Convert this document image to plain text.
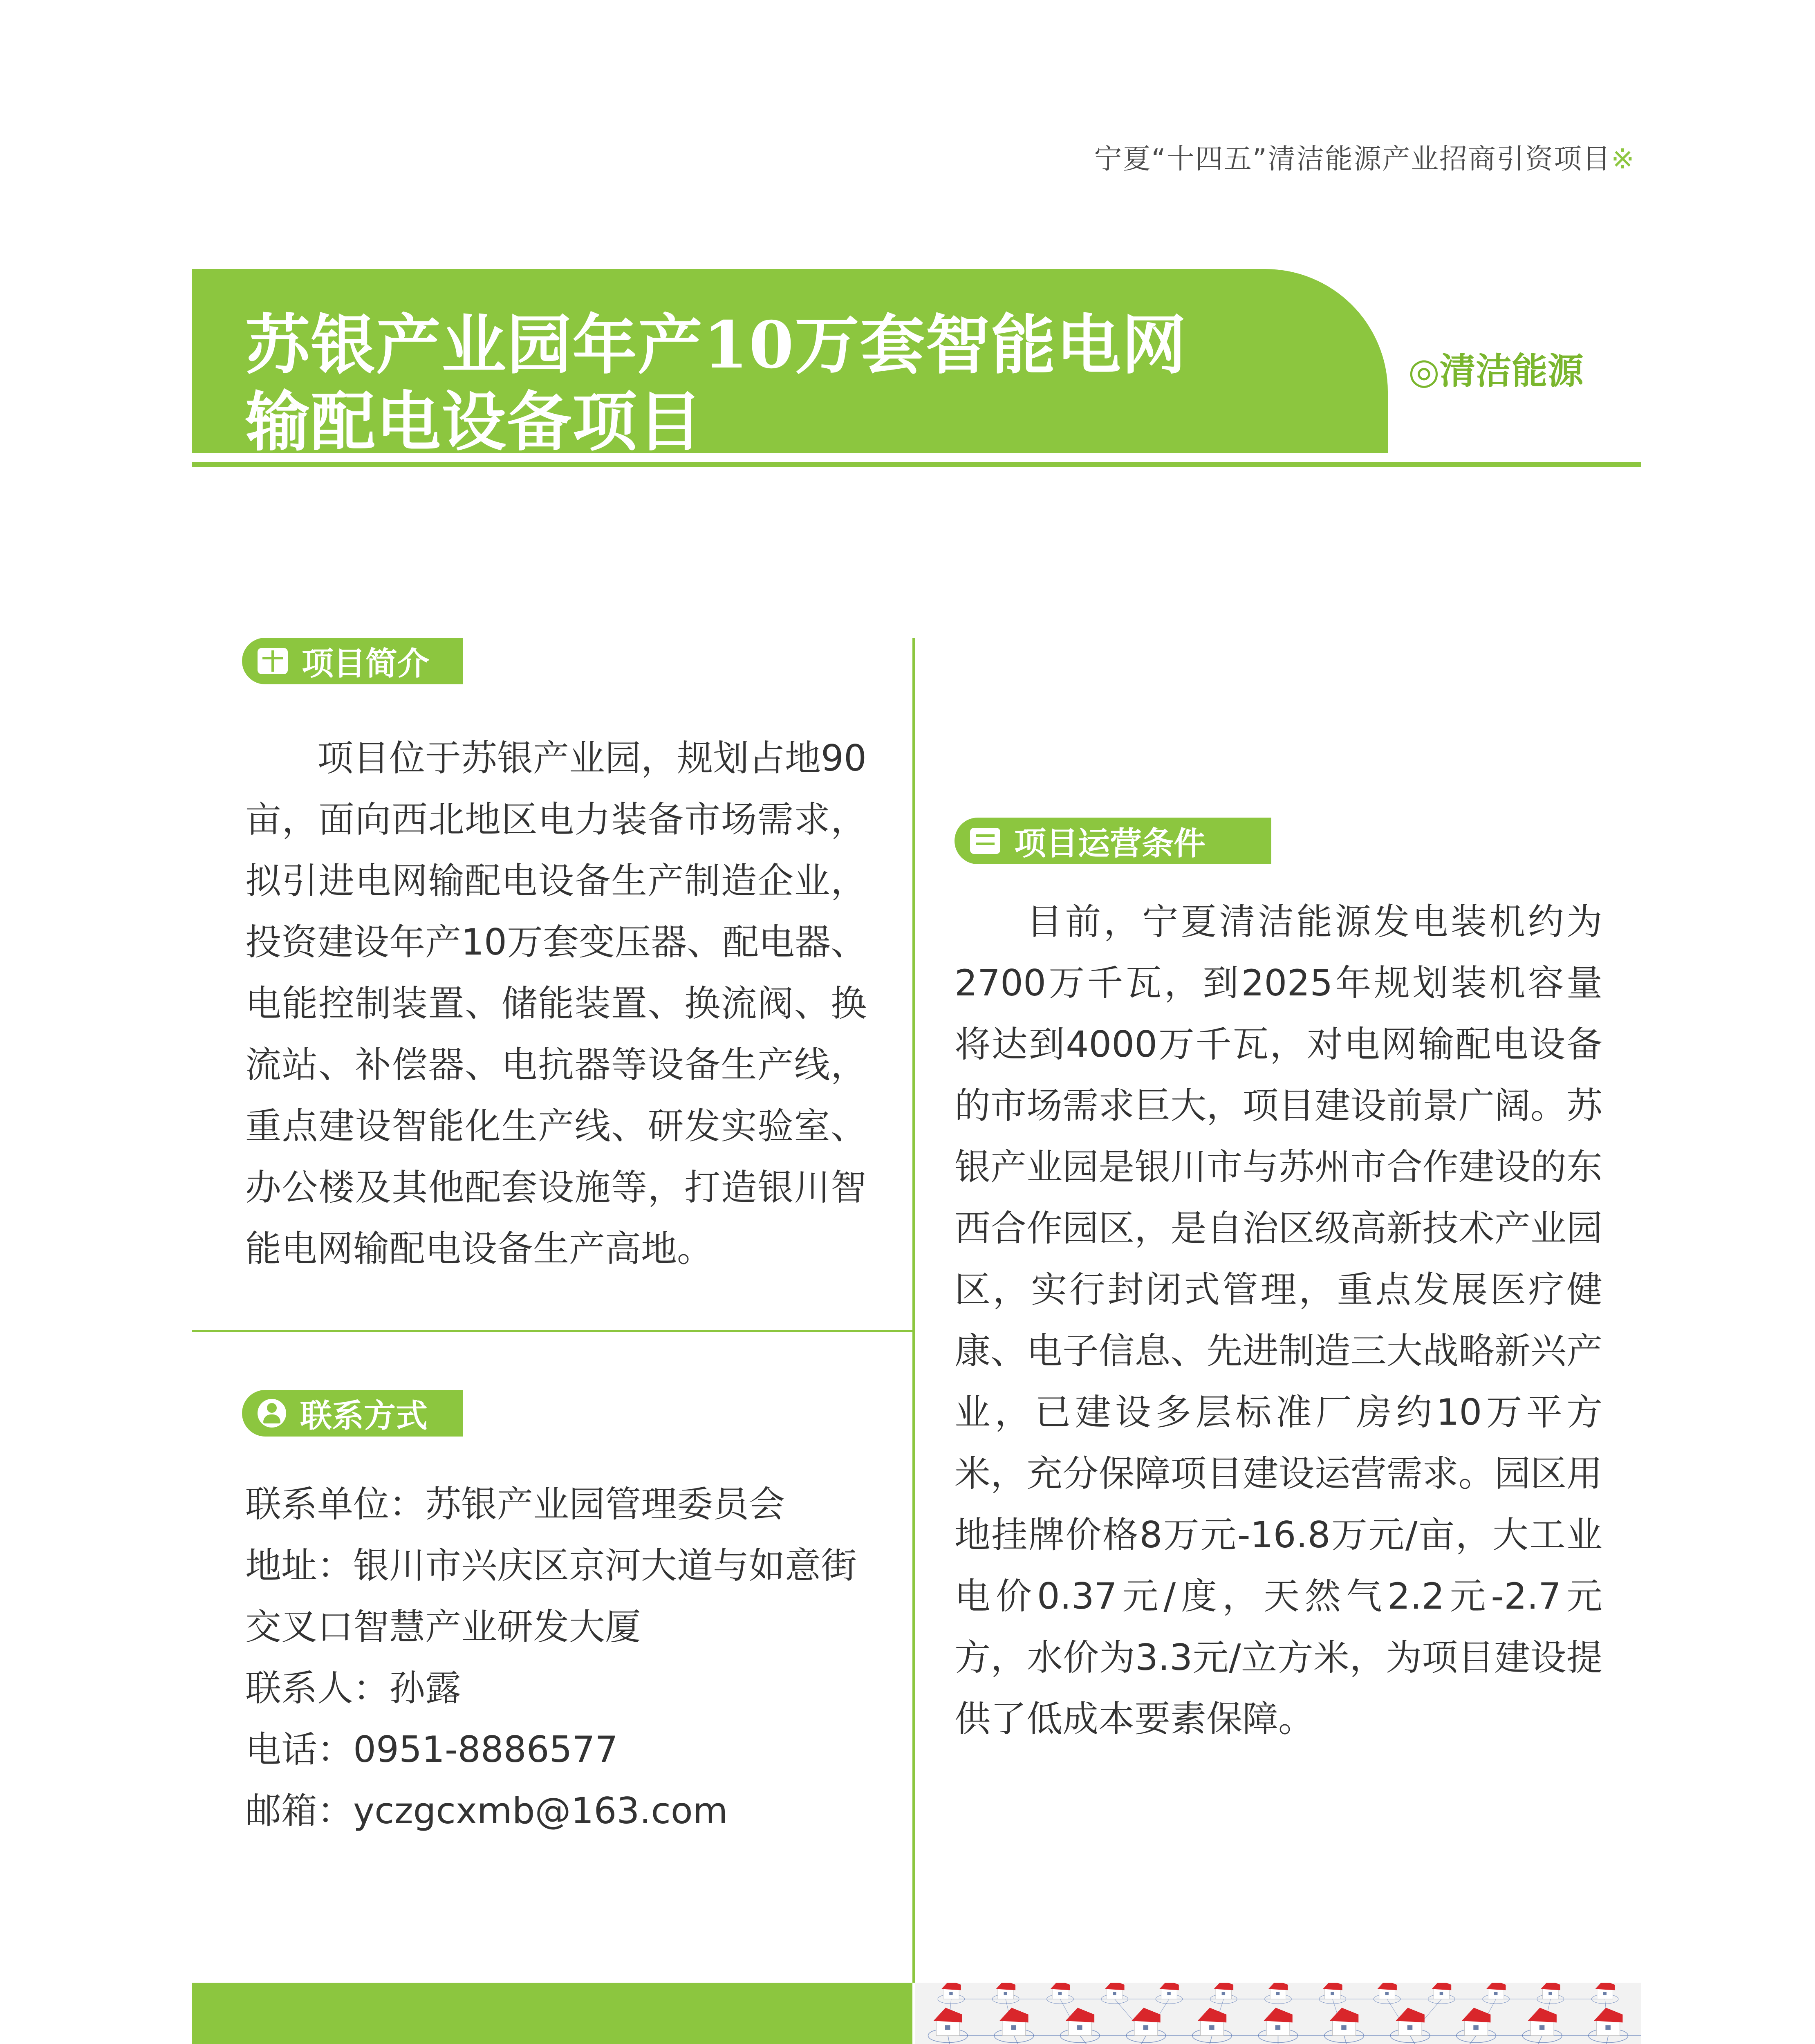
宁夏“十四五”清洁能源产业招商引资项目※
苏银产业园年产10万套智能电网
输配电设备项目
◎清洁能源
项目简介

项目位于苏银产业园，规划占地90亩，面向西北地区电力装备市场需求，拟引进电网输配电设备生产制造企业，投资建设年产10万套变压器、配电器、电能控制装置、储能装置、换流阀、换流站、补偿器、电抗器等设备生产线，重点建设智能化生产线、研发实验室、办公楼及其他配套设施等，打造银川智能电网输配电设备生产高地。

项目运营条件

目前，宁夏清洁能源发电装机约为2700万千瓦，到2025年规划装机容量将达到4000万千瓦，对电网输配电设备的市场需求巨大，项目建设前景广阔。苏银产业园是银川市与苏州市合作建设的东西合作园区，是自治区级高新技术产业园区，实行封闭式管理，重点发展医疗健康、电子信息、先进制造三大战略新兴产业，已建设多层标准厂房约10万平方米，充分保障项目建设运营需求。园区用地挂牌价格8万元-16.8万元/亩，大工业电价0.37元/度，天然气2.2元-2.7元方，水价为3.3元/立方米，为项目建设提供了低成本要素保障。

联系方式
联系单位：苏银产业园管理委员会
地址：银川市兴庆区京河大道与如意街
交叉口智慧产业研发大厦
联系人：孙露
电话：0951-8886577
邮箱：yczgcxmb@163.com
